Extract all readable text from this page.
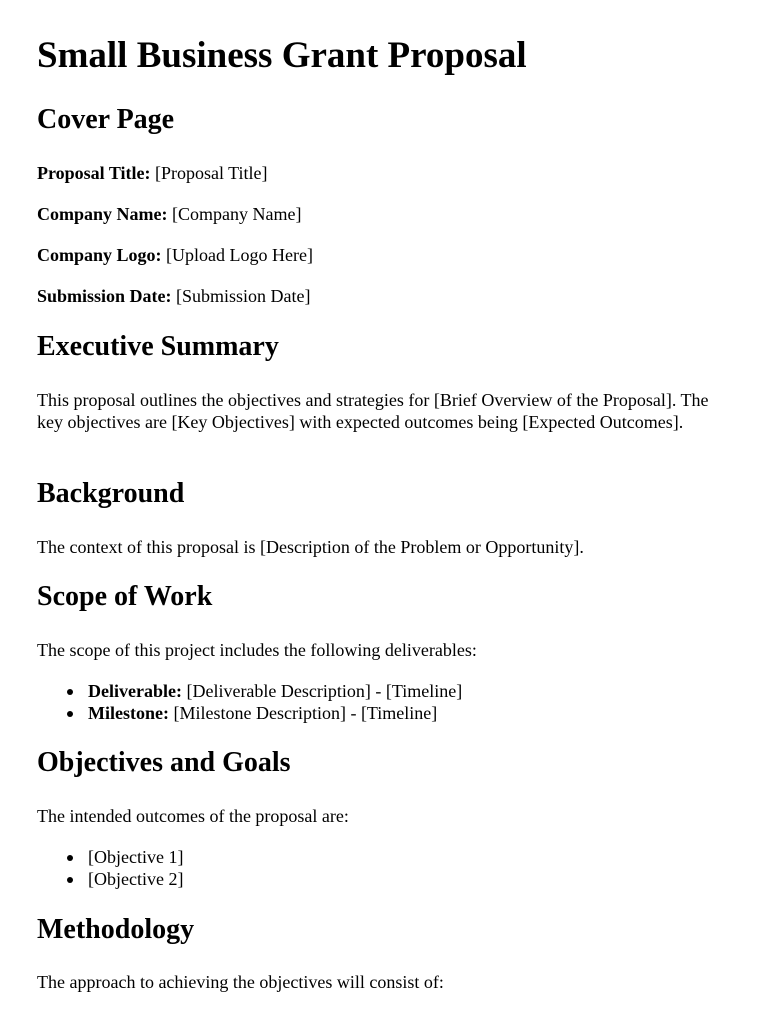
Small Business Grant Proposal
Cover Page

Proposal Title: [Proposal Title]

Company Name: [Company Name]

Company Logo: [Upload Logo Here]

Submission Date: [Submission Date]

Executive Summary

This proposal outlines the objectives and strategies for [Brief Overview of the Proposal]. The key objectives are [Key Objectives] with expected outcomes being [Expected Outcomes].

Background

The context of this proposal is [Description of the Problem or Opportunity].

Scope of Work

The scope of this project includes the following deliverables:

Deliverable: [Deliverable Description] - [Timeline]
Milestone: [Milestone Description] - [Timeline]
Objectives and Goals

The intended outcomes of the proposal are:

[Objective 1]
[Objective 2]
Methodology

The approach to achieving the objectives will consist of:
